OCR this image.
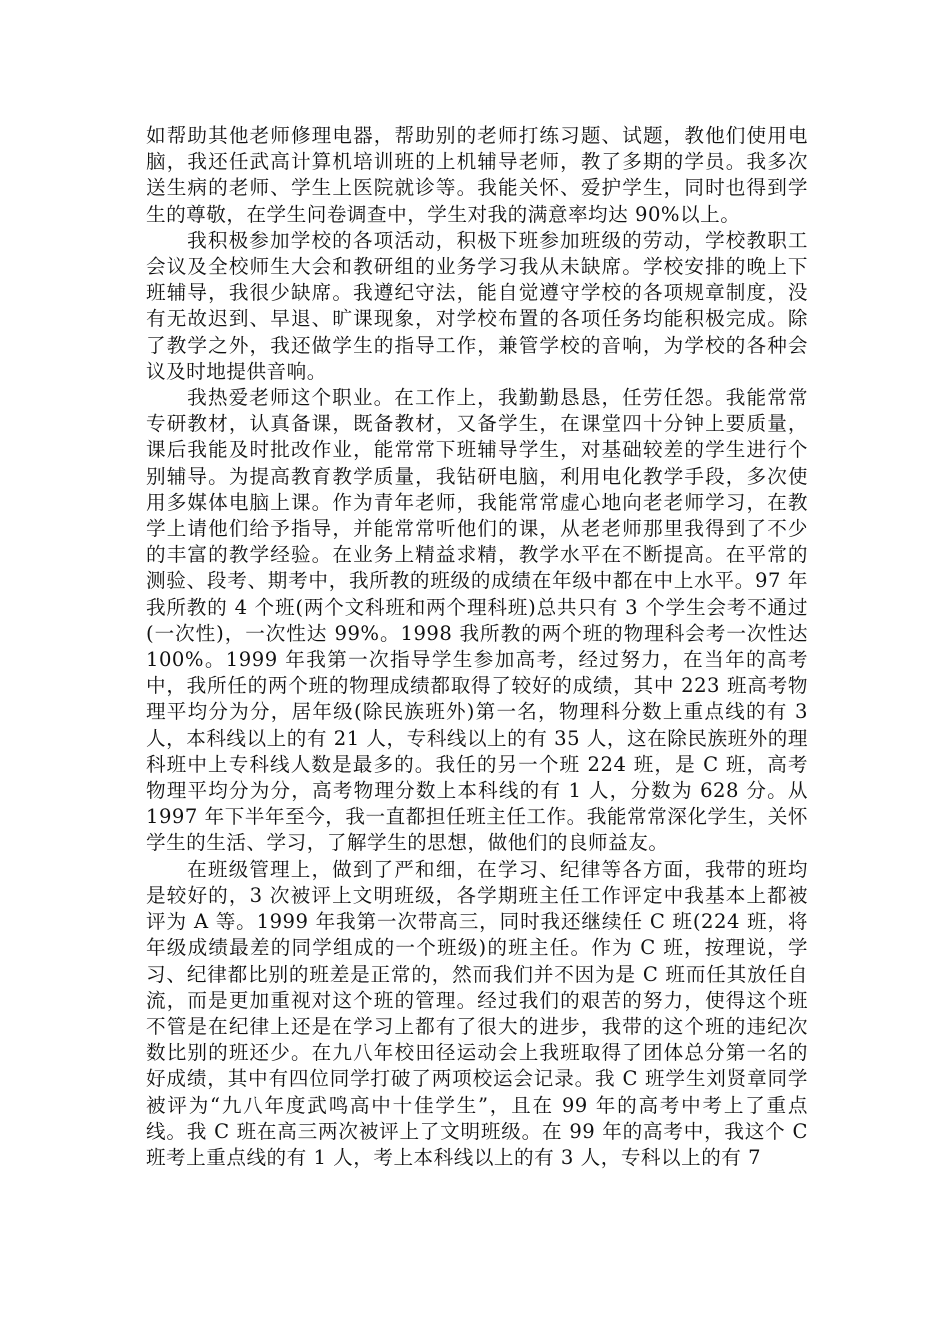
如帮助其他老师修理电器，帮助别的老师打练习题、试题，教他们使用电脑，我还任武高计算机培训班的上机辅导老师，教了多期的学员。我多次送生病的老师、学生上医院就诊等。我能关怀、爱护学生，同时也得到学生的尊敬，在学生问卷调查中，学生对我的满意率均达 90%以上。

我积极参加学校的各项活动，积极下班参加班级的劳动，学校教职工会议及全校师生大会和教研组的业务学习我从未缺席。学校安排的晚上下班辅导，我很少缺席。我遵纪守法，能自觉遵守学校的各项规章制度，没有无故迟到、早退、旷课现象，对学校布置的各项任务均能积极完成。除了教学之外，我还做学生的指导工作，兼管学校的音响，为学校的各种会议及时地提供音响。

我热爱老师这个职业。在工作上，我勤勤恳恳，任劳任怨。我能常常专研教材，认真备课，既备教材，又备学生，在课堂四十分钟上要质量，课后我能及时批改作业，能常常下班辅导学生，对基础较差的学生进行个别辅导。为提高教育教学质量，我钻研电脑，利用电化教学手段，多次使用多媒体电脑上课。作为青年老师，我能常常虚心地向老老师学习，在教学上请他们给予指导，并能常常听他们的课，从老老师那里我得到了不少的丰富的教学经验。在业务上精益求精，教学水平在不断提高。在平常的测验、段考、期考中，我所教的班级的成绩在年级中都在中上水平。97 年我所教的 4 个班(两个文科班和两个理科班)总共只有 3 个学生会考不通过(一次性)，一次性达 99%。1998 我所教的两个班的物理科会考一次性达 100%。1999 年我第一次指导学生参加高考，经过努力，在当年的高考中，我所任的两个班的物理成绩都取得了较好的成绩，其中 223 班高考物理平均分为分，居年级(除民族班外)第一名，物理科分数上重点线的有 3 人，本科线以上的有 21 人，专科线以上的有 35 人，这在除民族班外的理科班中上专科线人数是最多的。我任的另一个班 224 班，是 C 班，高考物理平均分为分，高考物理分数上本科线的有 1 人，分数为 628 分。从 1997 年下半年至今，我一直都担任班主任工作。我能常常深化学生，关怀学生的生活、学习，了解学生的思想，做他们的良师益友。

在班级管理上，做到了严和细，在学习、纪律等各方面，我带的班均是较好的，3 次被评上文明班级，各学期班主任工作评定中我基本上都被评为 A 等。1999 年我第一次带高三，同时我还继续任 C 班(224 班，将年级成绩最差的同学组成的一个班级)的班主任。作为 C 班，按理说，学习、纪律都比别的班差是正常的，然而我们并不因为是 C 班而任其放任自流，而是更加重视对这个班的管理。经过我们的艰苦的努力，使得这个班不管是在纪律上还是在学习上都有了很大的进步，我带的这个班的违纪次数比别的班还少。在九八年校田径运动会上我班取得了团体总分第一名的好成绩，其中有四位同学打破了两项校运会记录。我 C 班学生刘贤章同学被评为“九八年度武鸣高中十佳学生”，且在 99 年的高考中考上了重点线。我 C 班在高三两次被评上了文明班级。在 99 年的高考中，我这个 C 班考上重点线的有 1 人，考上本科线以上的有 3 人，专科以上的有 7
